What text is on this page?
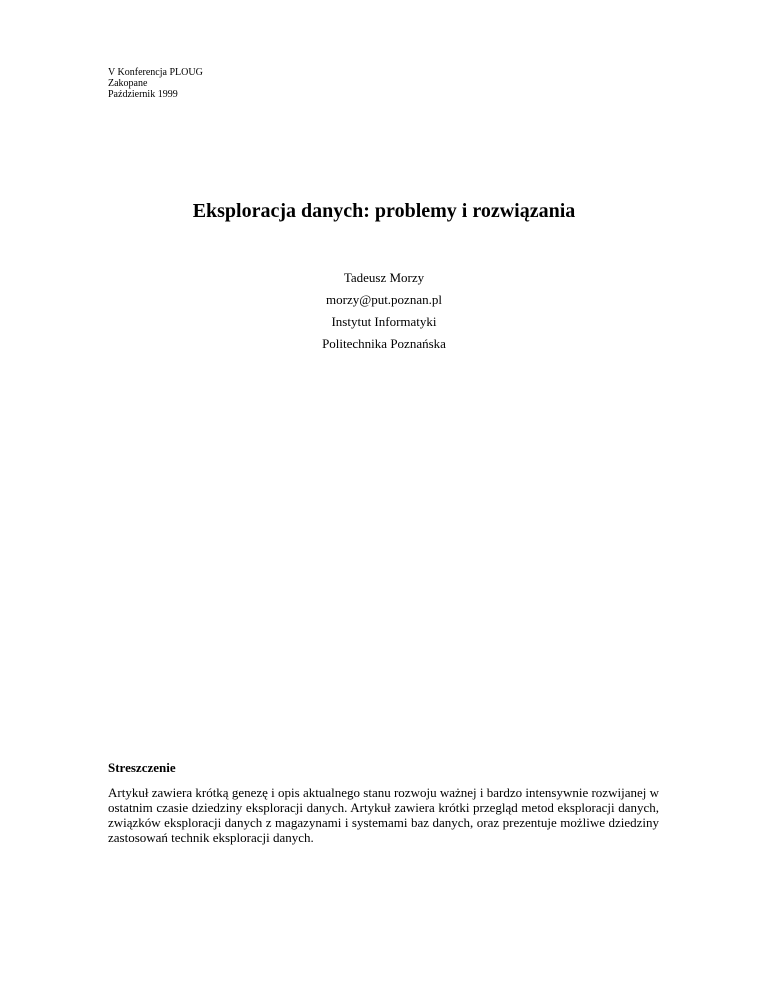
V Konferencja PLOUG
Zakopane
Październik 1999
Eksploracja danych: problemy i rozwiązania
Tadeusz Morzy
morzy@put.poznan.pl
Instytut Informatyki
Politechnika Poznańska
Streszczenie

Artykuł zawiera krótką genezę i opis aktualnego stanu rozwoju ważnej i bardzo intensywnie rozwijanej w ostatnim czasie dziedziny eksploracji danych. Artykuł zawiera krótki przegląd metod eksploracji danych, związków eksploracji danych z magazynami i systemami baz danych, oraz prezentuje możliwe dziedziny zastosowań technik eksploracji danych.
